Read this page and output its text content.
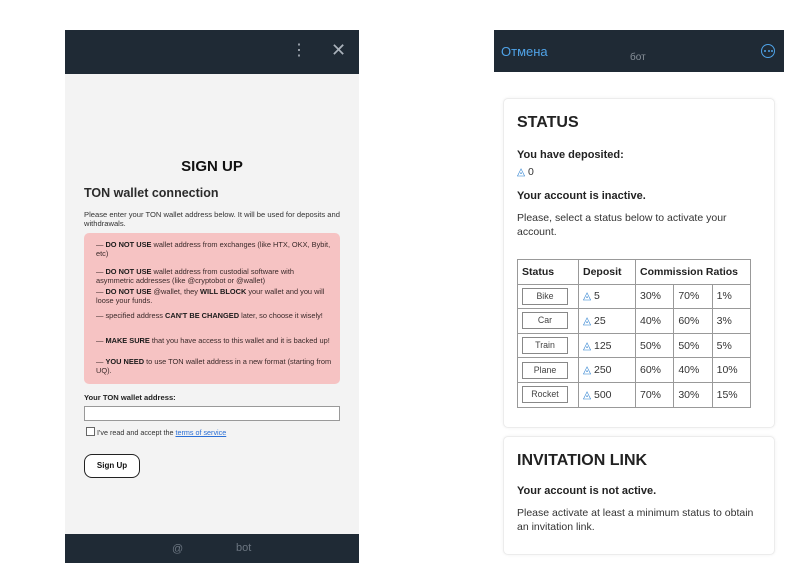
⋮ ✕
SIGN UP
TON wallet connection
Please enter your TON wallet address below. It will be used for deposits and withdrawals.

— DO NOT USE wallet address from exchanges (like HTX, OKX, Bybit, etc)

— DO NOT USE wallet address from custodial software with asymmetric addresses (like @cryptobot or @wallet)

— DO NOT USE @wallet, they WILL BLOCK your wallet and you will loose your funds.

— specified address CAN'T BE CHANGED later, so choose it wisely!

— MAKE SURE that you have access to this wallet and it is backed up!

— YOU NEED to use TON wallet address in a new format (starting from UQ).

Your TON wallet address:
I've read and accept the terms of service
Sign Up
@	bot
Отмена	бот
STATUS
You have deposited:
◬ 0
Your account is inactive.
Please, select a status below to activate your account.
Status	Deposit	Commission Ratios		
Bike	◬ 5	30%	70%	1%
Car	◬ 25	40%	60%	3%
Train	◬ 125	50%	50%	5%
Plane	◬ 250	60%	40%	10%
Rocket	◬ 500	70%	30%	15%
INVITATION LINK
Your account is not active.
Please activate at least a minimum status to obtain an invitation link.
